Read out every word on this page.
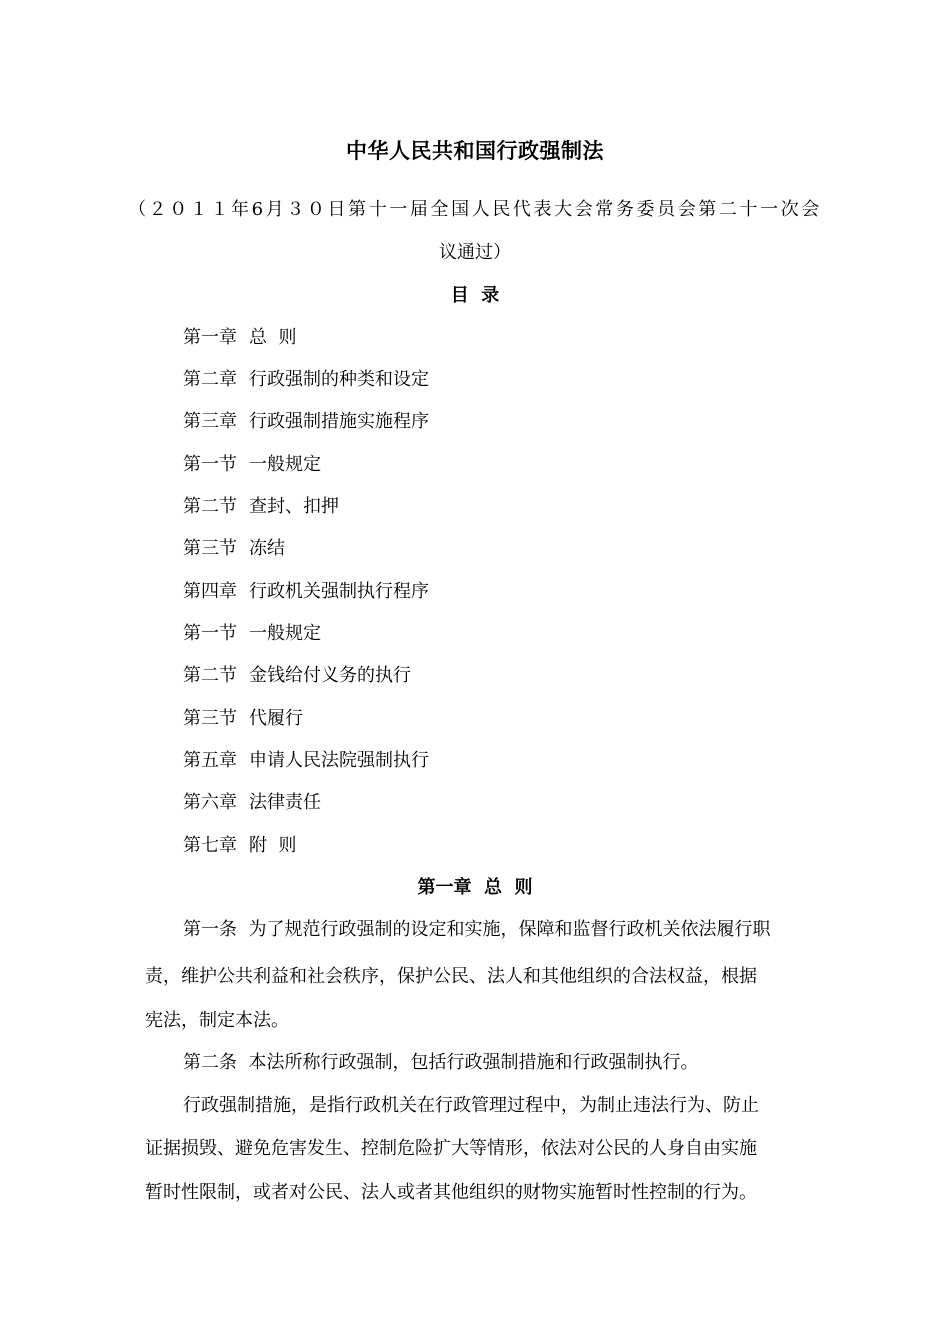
中华人民共和国行政强制法
（２０１１年6月３０日第十一届全国人民代表大会常务委员会第二十一次会
议通过）
目  录
第一章 总  则
第二章 行政强制的种类和设定
第三章 行政强制措施实施程序
第一节 一般规定
第二节 查封、扣押
第三节 冻结
第四章 行政机关强制执行程序
第一节 一般规定
第二节 金钱给付义务的执行
第三节 代履行
第五章 申请人民法院强制执行
第六章 法律责任
第七章 附  则
第一章  总  则
第一条  为了规范行政强制的设定和实施，保障和监督行政机关依法履行职
责，维护公共利益和社会秩序，保护公民、法人和其他组织的合法权益，根据
宪法，制定本法。
第二条  本法所称行政强制，包括行政强制措施和行政强制执行。
行政强制措施，是指行政机关在行政管理过程中，为制止违法行为、防止
证据损毁、避免危害发生、控制危险扩大等情形，依法对公民的人身自由实施
暂时性限制，或者对公民、法人或者其他组织的财物实施暂时性控制的行为。
